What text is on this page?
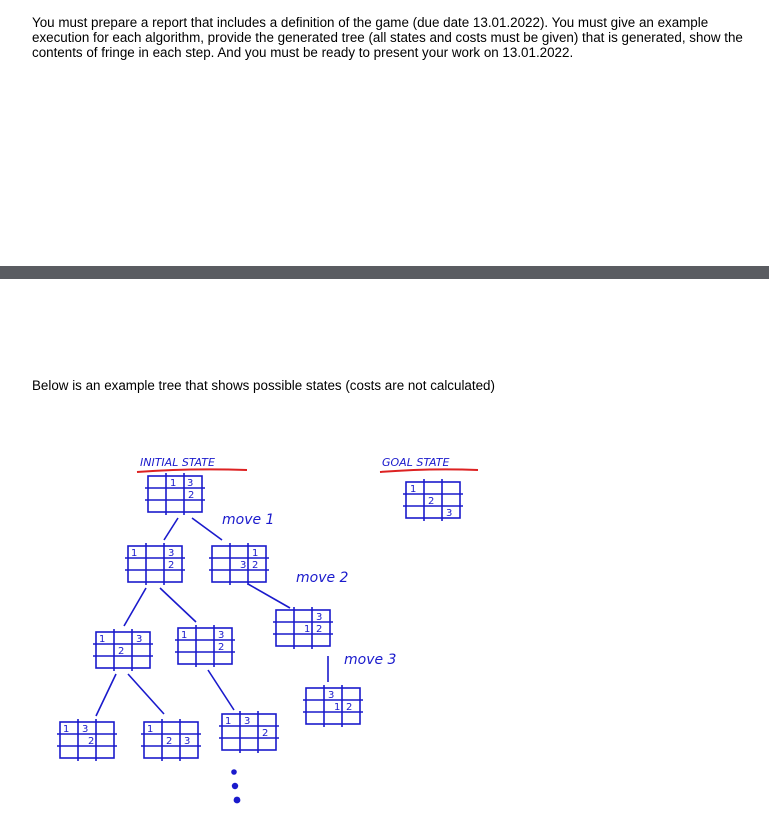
You must prepare a report that includes a definition of the game (due date 13.01.2022). You must give an example execution for each algorithm, provide the generated tree (all states and costs must be given) that is generated, show the contents of fringe in each step. And you must be ready to present your work on 13.01.2022.

Below is an example tree that shows possible states (costs are not calculated)

INITIAL STATE	GOAL STATE
1 3
2
1
2
3
move 1
1	3
2
1
2
3
move 2
1	3
2
1	3
2
3
1 2
move 3
1 3
2
1
2 3
1 3
2
3
1 2
